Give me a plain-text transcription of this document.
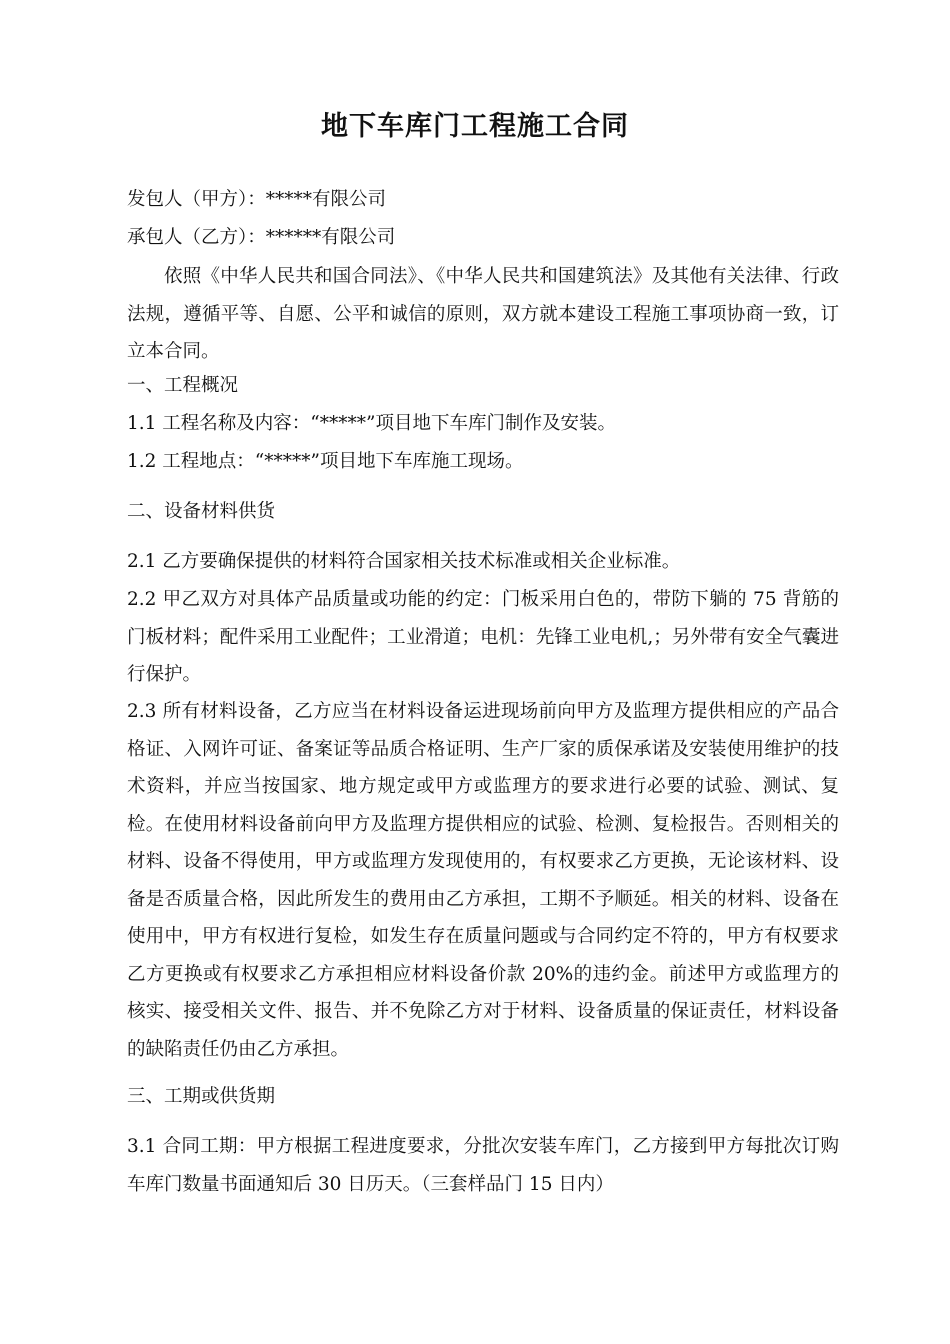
地下车库门工程施工合同
发包人（甲方）：*****有限公司
承包人（乙方）：******有限公司
依照《中华人民共和国合同法》、《中华人民共和国建筑法》及其他有关法律、行政法规，遵循平等、自愿、公平和诚信的原则，双方就本建设工程施工事项协商一致，订立本合同。
一、工程概况
1.1 工程名称及内容：“*****”项目地下车库门制作及安装。
1.2 工程地点：“*****”项目地下车库施工现场。
二、设备材料供货
2.1 乙方要确保提供的材料符合国家相关技术标准或相关企业标准。
2.2 甲乙双方对具体产品质量或功能的约定：门板采用白色的，带防下躺的 75 背筋的门板材料；配件采用工业配件；工业滑道；电机：先锋工业电机,；另外带有安全气囊进行保护。
2.3 所有材料设备，乙方应当在材料设备运进现场前向甲方及监理方提供相应的产品合格证、入网许可证、备案证等品质合格证明、生产厂家的质保承诺及安装使用维护的技术资料，并应当按国家、地方规定或甲方或监理方的要求进行必要的试验、测试、复检。在使用材料设备前向甲方及监理方提供相应的试验、检测、复检报告。否则相关的材料、设备不得使用，甲方或监理方发现使用的，有权要求乙方更换，无论该材料、设备是否质量合格，因此所发生的费用由乙方承担，工期不予顺延。相关的材料、设备在使用中，甲方有权进行复检，如发生存在质量问题或与合同约定不符的，甲方有权要求乙方更换或有权要求乙方承担相应材料设备价款 20%的违约金。前述甲方或监理方的核实、接受相关文件、报告、并不免除乙方对于材料、设备质量的保证责任，材料设备的缺陷责任仍由乙方承担。
三、工期或供货期
3.1 合同工期：甲方根据工程进度要求，分批次安装车库门，乙方接到甲方每批次订购车库门数量书面通知后 30 日历天。（三套样品门 15 日内）
